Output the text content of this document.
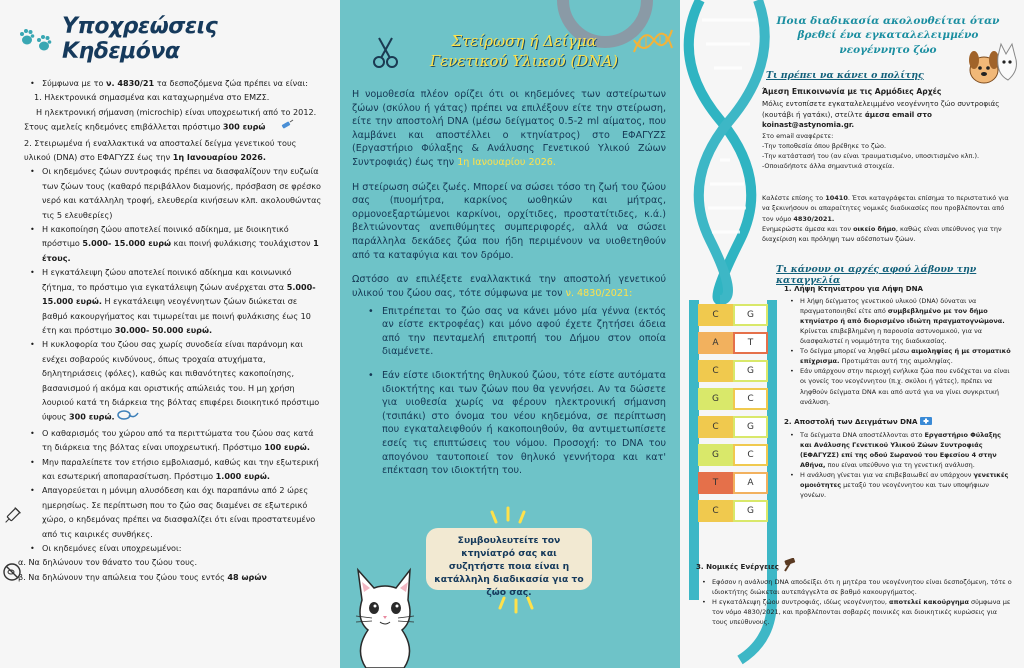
Υποχρεώσεις Κηδεμόνα

• Σύμφωνα με το ν. 4830/21 τα δεσποζόμενα ζώα πρέπει να είναι:

1. Ηλεκτρονικά σημασμένα και καταχωρημένα στο ΕΜΖΣ.

Η ηλεκτρονική σήμανση (microchip) είναι υποχρεωτική από το 2012. Στους αμελείς κηδεμόνες επιβάλλεται πρόστιμο 300 ευρώ

2. Στειρωμένα ή εναλλακτικά να αποσταλεί δείγμα γενετικού τους υλικού (DNA) στο ΕΦΑΓΥΖΣ έως την 1η Ιανουαρίου 2026.

• Οι κηδεμόνες ζώων συντροφιάς πρέπει να διασφαλίζουν την ευζωία των ζώων τους (καθαρό περιβάλλον διαμονής, πρόσβαση σε φρέσκο νερό και κατάλληλη τροφή, ελευθερία κινήσεων κλπ. ακολουθώντας τις 5 ελευθερίες)

• Η κακοποίηση ζώου αποτελεί ποινικό αδίκημα, με διοικητικό πρόστιμο 5.000- 15.000 ευρώ και ποινή φυλάκισης τουλάχιστον 1 έτους.

• Η εγκατάλειψη ζώου αποτελεί ποινικό αδίκημα και κοινωνικό ζήτημα, το πρόστιμο για εγκατάλειψη ζώων ανέρχεται στα 5.000- 15.000 ευρώ. Η εγκατάλειψη νεογέννητων ζώων διώκεται σε βαθμό κακουργήματος και τιμωρείται με ποινή φυλάκισης έως 10 έτη και πρόστιμο 30.000- 50.000 ευρώ.

• Η κυκλοφορία του ζώου σας χωρίς συνοδεία είναι παράνομη και ενέχει σοβαρούς κινδύνους, όπως τροχαία ατυχήματα, δηλητηριάσεις (φόλες), καθώς και πιθανότητες κακοποίησης, βασανισμού ή ακόμα και οριστικής απώλειάς του. Η μη χρήση λουριού κατά τη διάρκεια της βόλτας επιφέρει διοικητικό πρόστιμο ύψους 300 ευρώ.

• Ο καθαρισμός του χώρου από τα περιττώματα του ζώου σας κατά τη διάρκεια της βόλτας είναι υποχρεωτική. Πρόστιμο 100 ευρώ.

• Μην παραλείπετε τον ετήσιο εμβολιασμό, καθώς και την εξωτερική και εσωτερική αποπαρασίτωση. Πρόστιμο 1.000 ευρώ.

• Απαγορεύεται η μόνιμη αλυσόδεση και όχι παραπάνω από 2 ώρες ημερησίως. Σε περίπτωση που το ζώο σας διαμένει σε εξωτερικό χώρο, ο κηδεμόνας πρέπει να διασφαλίζει ότι είναι προστατευμένο από τις καιρικές συνθήκες.

• Οι κηδεμόνες είναι υποχρεωμένοι:

α. Να δηλώνουν τον θάνατο του ζώου τους.

β. Να δηλώνουν την απώλεια του ζώου τους εντός 48 ωρών

Στείρωση ή Δείγμα
Γενετικού Υλικού (DNA)

Η νομοθεσία πλέον ορίζει ότι οι κηδεμόνες των αστείρωτων ζώων (σκύλου ή γάτας) πρέπει να επιλέξουν είτε την στείρωση, είτε την αποστολή DNA (μέσω δείγματος 0.5-2 ml αίματος, που λαμβάνει και αποστέλλει ο κτηνίατρος) στο ΕΦΑΓΥΖΣ (Εργαστήριο Φύλαξης & Ανάλυσης Γενετικού Υλικού Ζώων Συντροφιάς) έως την 1η Ιανουαρίου 2026.

Η στείρωση σώζει ζωές. Μπορεί να σώσει τόσο τη ζωή του ζώου σας (πυομήτρα, καρκίνος ωοθηκών και μήτρας, ορμονοεξαρτώμενοι καρκίνοι, ορχίτιδες, προστατίτιδες, κ.ά.) βελτιώνοντας ανεπιθύμητες συμπεριφορές, αλλά να σώσει παράλληλα δεκάδες ζώα που ήδη περιμένουν να υιοθετηθούν από τα καταφύγια και τον δρόμο.

Ωστόσο αν επιλέξετε εναλλακτικά την αποστολή γενετικού υλικού του ζώου σας, τότε σύμφωνα με τον ν. 4830/2021:

• Επιτρέπεται το ζώο σας να κάνει μόνο μία γέννα (εκτός αν είστε εκτροφέας) και μόνο αφού έχετε ζητήσει άδεια από την πενταμελή επιτροπή του Δήμου στον οποία διαμένετε.
• Εάν είστε ιδιοκτήτης θηλυκού ζώου, τότε είστε αυτόματα ιδιοκτήτης και των ζώων που θα γεννήσει. Αν τα δώσετε για υιοθεσία χωρίς να φέρουν ηλεκτρονική σήμανση (τσιπάκι) στο όνομα του νέου κηδεμόνα, σε περίπτωση που εγκαταλειφθούν ή κακοποιηθούν, θα αντιμετωπίσετε εσείς τις επιπτώσεις του νόμου. Προσοχή: το DNA του απογόνου ταυτοποιεί τον θηλυκό γεννήτορα και κατ' επέκταση τον ιδιοκτήτη του.
Συμβουλευτείτε τον κτηνίατρό σας και συζητήστε ποια είναι η κατάλληλη διαδικασία για το ζώο σας.
C	G
A	T
C	G
G	C
C	G
G	C
T	A
C	G
Ποια διαδικασία ακολουθείται όταν βρεθεί ένα εγκαταλελειμμένο νεογέννητο ζώο
Τι πρέπει να κάνει ο πολίτης

Άμεση Επικοινωνία με τις Αρμόδιες Αρχές

Μόλις εντοπίσετε εγκαταλελειμμένο νεογέννητο ζώο συντροφιάς (κουτάβι ή γατάκι), στείλτε άμεσα email στο koinast@astynomia.gr.

Στο email αναφέρετε:

-Την τοποθεσία όπου βρέθηκε το ζώο.

-Την κατάστασή του (αν είναι τραυματισμένο, υποσιτισμένο κλπ.).

-Οποιαδήποτε άλλα σημαντικά στοιχεία.

Καλέστε επίσης το 10410. Έτσι καταγράφεται επίσημα το περιστατικό για να ξεκινήσουν οι απαραίτητες νομικές διαδικασίες που προβλέπονται από τον νόμο 4830/2021.

Ενημερώστε άμεσα και τον οικείο δήμο, καθώς είναι υπεύθυνος για την διαχείριση και πρόληψη των αδέσποτων ζώων.

Τι κάνουν οι αρχές αφού λάβουν την καταγγελία

1. Λήψη Κτηνιατρου για Λήψη DNA

• Η λήψη δείγματος γενετικού υλικού (DNA) δύναται να πραγματοποιηθεί είτε από συμβεβλημένο με τον δήμο κτηνίατρο ή από διορισμένο ιδιώτη πραγματογνώμονα. Κρίνεται επιβεβλημένη η παρουσία αστυνομικού, για να διασφαλιστεί η νομιμότητα της διαδικασίας.

• Το δείγμα μπορεί να ληφθεί μέσω αιμοληψίας ή με στοματικό επίχρισμα. Προτιμάται αυτή της αιμοληψίας.

• Εάν υπάρχουν στην περιοχή ενήλικα ζώα που ενδέχεται να είναι οι γονείς του νεογέννητου (π.χ. σκύλοι ή γάτες), πρέπει να ληφθούν δείγματα DNA και από αυτά για να γίνει συγκριτική ανάλυση.

2. Αποστολή των Δειγμάτων DNA

• Τα δείγματα DNA αποστέλλονται στο Εργαστήριο Φύλαξης και Ανάλυσης Γενετικού Υλικού Ζώων Συντροφιάς (ΕΦΑΓΥΖΣ) επί της οδού Σωρανού του Εφεσίου 4 στην Αθήνα, που είναι υπεύθυνο για τη γενετική ανάλυση.

• Η ανάλυση γίνεται για να επιβεβαιωθεί αν υπάρχουν γενετικές ομοιότητες μεταξύ του νεογέννητου και των υποψήφιων γονέων.

3. Νομικές Ενέργειες

• Εφόσον η ανάλυση DNA αποδείξει ότι η μητέρα του νεογέννητου είναι δεσποζόμενη, τότε ο ιδιοκτήτης διώκεται αυτεπάγγελτα σε βαθμό κακουργήματος.

• Η εγκατάλειψη ζώου συντροφιάς, ιδίως νεογέννητου, αποτελεί κακούργημα σύμφωνα με τον νόμο 4830/2021, και προβλέπονται σοβαρές ποινικές και διοικητικές κυρώσεις για τους υπεύθυνους.
